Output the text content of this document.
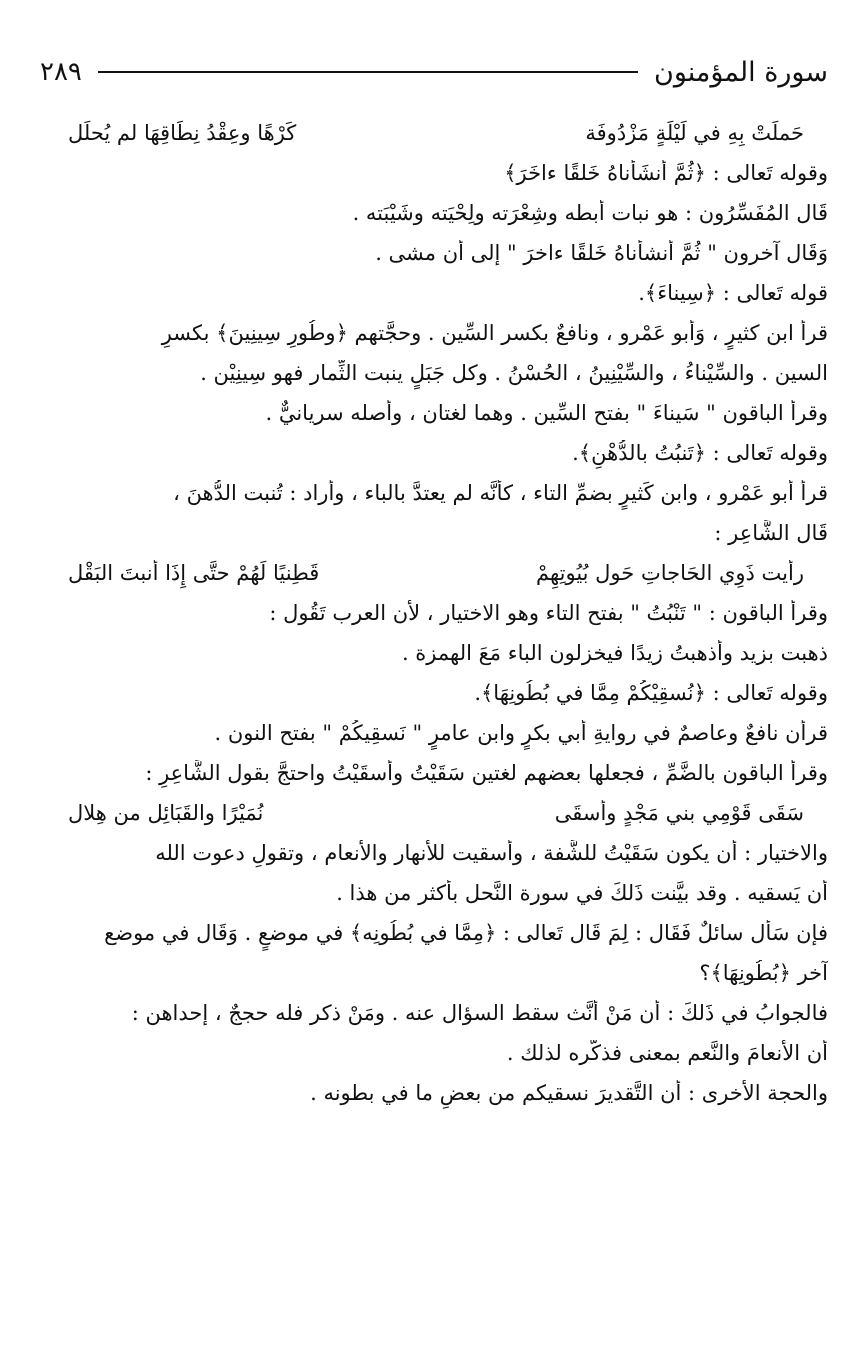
سورة المؤمنون
٢٨٩
حَملَتْ بِهِ في لَيْلَةٍ مَزْدُوفَة
كَرْهًا وعِقْدُ نِطَاقِهَا لم يُحلَل
وقوله تَعالى : ﴿ثُمَّ أَنشَأْناهُ خَلقًا ءاخَرَ﴾
قَال المُفَسِّرُون : هو نبات أُبطه وشِعْرَته ولِحْيَته وشَيْبَته .
وَقَال آخرون " ثُمَّ أَنشأْناهُ خَلقًا ءاخرَ " إلى أن مشى .
قوله تَعالى : ﴿سِيناءَ﴾.
قرأ ابن كثيرٍ ، وَأَبو عَمْرو ، ونافعٌ بكسر السِّين . وحجَّتهم ﴿وطُورِ سِينِينَ﴾ بكسرِ
السين . والسِّيْناءُ ، والسِّيْنِينُ ، الحُسْنُ . وكل جَبَلٍ ينبت الثِّمار فهو سِينِيْن .
وقرأ الباقون " سَيناءَ " بفتح السِّين . وهما لغتان ، وأصله سريانيٌّ .
وقوله تَعالى : ﴿تَنبُتُ بالدُّهْنِ﴾.
قرأ أَبو عَمْرو ، وابن كَثيرٍ بضمِّ التاء ، كأنَّه لم يعتدَّ بالباء ، وأراد : تُنبت الدُّهنَ ،
قَال الشَّاعِر :
رأيت ذَوِي الحَاجاتِ حَول بُيُوتِهِمْ
قَطِنيًا لَهُمْ حتَّى إِذَا أَنبتَ البَقْل
وقرأ الباقون : " تَنْبُتُ " بفتح التاء وهو الاختيار ، لأن العرب تَقُول :
ذهبت بزيد وأذهبتُ زيدًا فيخزلون الباء مَعَ الهمزة .
وقوله تَعالى : ﴿نُسقِيْكُمْ مِمَّا في بُطُونِهَا﴾.
قرأن نافعٌ وعاصمٌ في روايةِ أبي بكرٍ وابن عامرٍ " نَسقِيكُمْ " بفتح النون .
وقرأ الباقون بالضَّمِّ ، فجعلها بعضهم لغتين سَقَيْتُ وأَسقَيْتُ واحتجَّ بقول الشَّاعِرِ :
سَقَى قَوْمِي بني مَجْدٍ وأَسقَى
نُمَيْرًا والقَبَائِل من هِلال
والاختيار : أن يكون سَقَيْتُ للشَّفة ، وأسقيت للأنهار والأنعام ، وتقولِ دعوت الله
أن يَسقيه . وقد بيَّنت ذَلكَ في سورة النَّحل بأكثر من هذا .
فإن سَأَل سائلٌ فَقَال : لِمَ قَال تَعالى : ﴿مِمَّا في بُطُونِه﴾ في موضعٍ . وَقَال في موضع
آخر ﴿بُطُونِهَا﴾؟
فالجوابُ في ذَلكَ : أن مَنْ أنَّث سقط السؤال عنه . ومَنْ ذكر فله حججٌ ، إحداهن :
أن الأنعامَ والنَّعم بمعنى فذكَّره لذلك .
والحجة الأُخرى : أن التَّقديرَ نسقيكم من بعضِ ما في بطونه .
